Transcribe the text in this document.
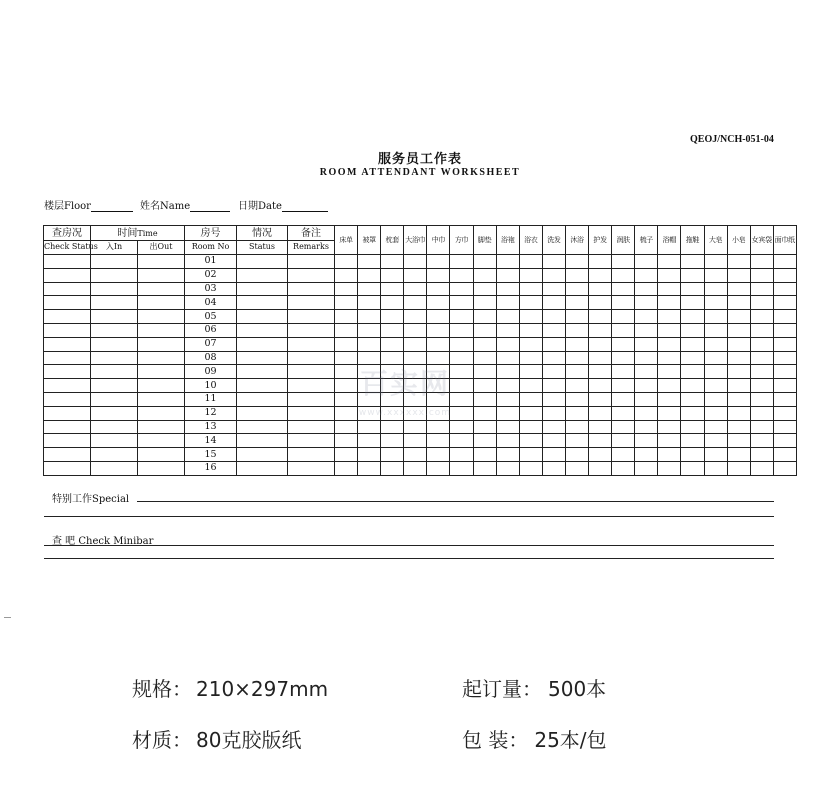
QEOJ/NCH-051-04
服务员工作表
ROOM ATTENDANT WORKSHEET
楼层Floor	姓名Name	日期Date
查房况	时间Time		房号	情况	备注	床单	被罩	枕套	大浴巾	中巾	方巾	脚垫	浴袍	浴衣	洗发	沐浴	护发	润肤	梳子	浴帽	拖鞋	大皂	小皂	女宾袋	面巾纸
Check Status	入In	出Out	Room No	Status	Remarks																				
			01																						
			02																						
			03																						
			04																						
			05																						
			06																						
			07																						
			08																						
			09																						
			10																						
			11																						
			12																						
			13																						
			14																						
			15																						
			16																						
百实网
www.xxxxxx.com
特别工作Special
查 吧 Check Minibar
规格： 210×297mm	起订量： 500本
材质： 80克胶版纸	包 装： 25本/包
